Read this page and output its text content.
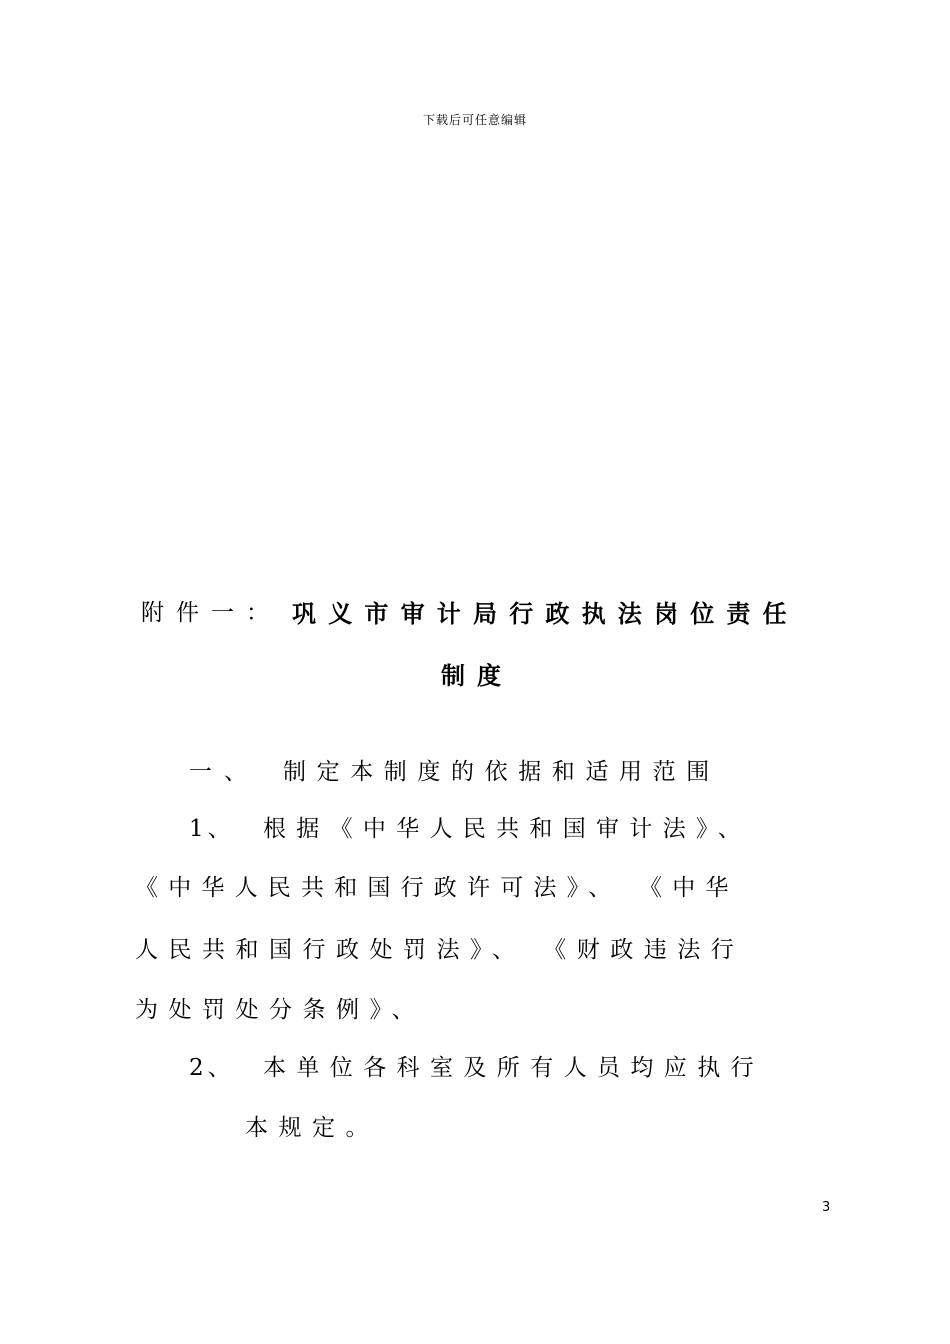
下载后可任意编辑
附件一： 巩义市审计局行政执法岗位责任
制度
一、 制定本制度的依据和适用范围
1、 根据《中华人民共和国审计法》、
《中华人民共和国行政许可法》、 《中华
人民共和国行政处罚法》、 《财政违法行
为处罚处分条例》、
2、 本单位各科室及所有人员均应执行
本规定。
3
